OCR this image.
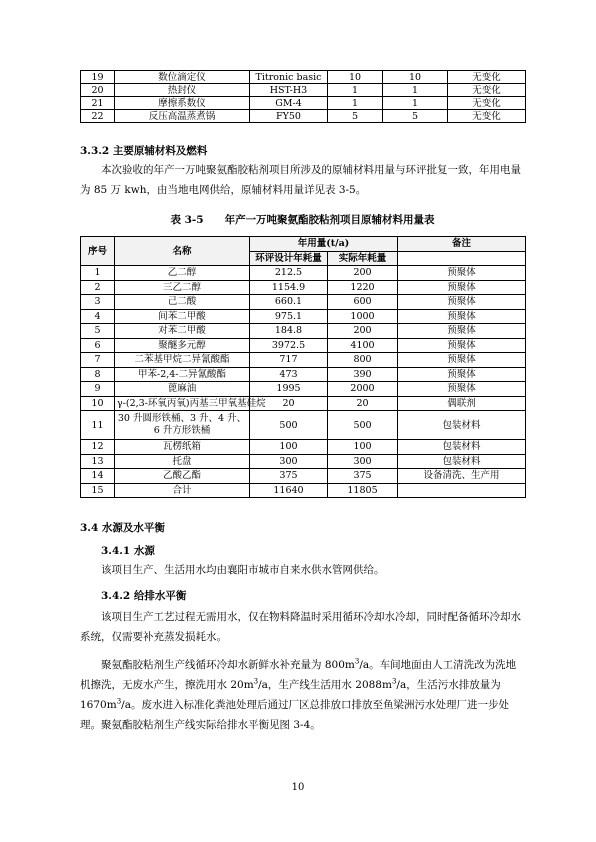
19	数位滴定仪	Titronic basic	10	10	无变化
20	热封仪	HST-H3	1	1	无变化
21	摩擦系数仪	GM-4	1	1	无变化
22	反压高温蒸煮锅	FY50	5	5	无变化
3.3.2 主要原辅材料及燃料

本次验收的年产一万吨聚氨酯胶粘剂项目所涉及的原辅材料用量与环评批复一致，年用电量为 85 万 kwh，由当地电网供给，原辅材料用量详见表 3-5。

表 3-5　　年产一万吨聚氨酯胶粘剂项目原辅材料用量表
序号	名称	年用量(t/a)		备注
		环评设计年耗量	实际年耗量	
1	乙二醇	212.5	200	预聚体
2	三乙二醇	1154.9	1220	预聚体
3	己二酸	660.1	600	预聚体
4	间苯二甲酸	975.1	1000	预聚体
5	对苯二甲酸	184.8	200	预聚体
6	聚醚多元醇	3972.5	4100	预聚体
7	二苯基甲烷二异氰酸酯	717	800	预聚体
8	甲苯-2,4-二异氰酸酯	473	390	预聚体
9	蓖麻油	1995	2000	预聚体
10	γ-(2,3-环氧丙氧)丙基三甲氧基硅烷	20	20	偶联剂
11	30 升圆形铁桶、3 升、4 升、6 升方形铁桶	500	500	包装材料
12	瓦楞纸箱	100	100	包装材料
13	托盘	300	300	包装材料
14	乙酸乙酯	375	375	设备清洗、生产用
15	合计	11640	11805	
3.4 水源及水平衡
3.4.1 水源

该项目生产、生活用水均由襄阳市城市自来水供水管网供给。

3.4.2 给排水平衡

该项目生产工艺过程无需用水，仅在物料降温时采用循环冷却水冷却，同时配备循环冷却水系统，仅需要补充蒸发损耗水。

聚氨酯胶粘剂生产线循环冷却水新鲜水补充量为 $800m^3/a$。车间地面由人工清洗改为洗地机擦洗，无废水产生，擦洗用水 $20m^3/a$，生产线生活用水 $2088m^3/a$，生活污水排放量为 $1670m^3/a$。废水进入标准化粪池处理后通过厂区总排放口排放至鱼梁洲污水处理厂进一步处理。聚氨酯胶粘剂生产线实际给排水平衡见图 3-4。

10
